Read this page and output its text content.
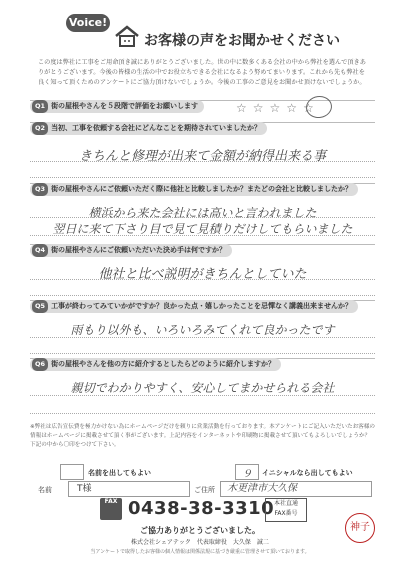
Voice!
お客様の声をお聞かせください
この度は弊社に工事をご用命頂き誠にありがとうございました。世の中に数多くある会社の中から弊社を選んで頂きありがとうございます。今後の皆様の生活の中でお役立ちできる会社になるよう努めてまいります。これから先も弊社を良く知って頂くためのアンケートにご協力頂けないでしょうか。今後の工事のご意見をお聞かせ頂けないでしょうか。
Q1 街の屋根やさんを５段階で評価をお願いします	☆☆☆☆☆
Q2 当初、工事を依頼する会社にどんなことを期待されていましたか？
きちんと修理が出来て金額が納得出来る事
Q3 街の屋根やさんにご依頼いただく際に他社と比較しましたか？またどの会社と比較しましたか？
横浜から来た会社には高いと言われました
翌日に来て下さり目で見て見積りだけしてもらいました
Q4 街の屋根やさんにご依頼いただいた決め手は何ですか？
他社と比べ説明がきちんとしていた
Q5 工事が終わってみていかがですか？良かった点・嬉しかったことを忌憚なく講義出来ませんか？
雨もり以外も、いろいろみてくれて良かったです
Q6 街の屋根やさんを他の方に紹介するとしたらどのように紹介しますか？
親切でわかりやすく、安心してまかせられる会社
※弊社は広告宣伝費を極力かけない為にホームページだけを頼りに営業活動を行っております。本アンケートにご記入いただいたお客様の情報はホームページに掲載させて頂く事がございます。上記内容をインターネットや印刷物に掲載させて頂いてもよろしいでしょうか？下記の中から〇印をつけて下さい。
名前を出してもよい	９	イニシャルなら出してもよい
名前	T様	ご住所	木更津市大久保
FAX 0438-38-3310 本社直通
FAX番号
ご協力ありがとうございました。
株式会社シェアテック　代表取締役　大久保　誠二
当アンケートで取得したお客様の個人情報は関係法規に基づき厳重に管理させて頂いております。
神子
